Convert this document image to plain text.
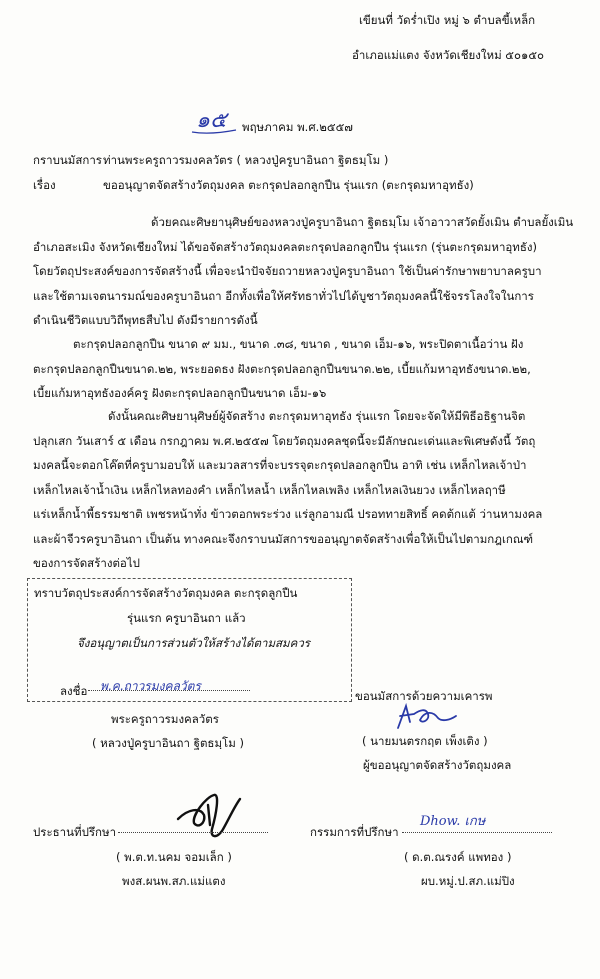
เขียนที่ วัดร่ำเปิง หมู่ ๖ ตำบลขี้เหล็ก
อำเภอแม่แตง จังหวัดเชียงใหม่ ๕๐๑๕๐
๑๕ พฤษภาคม พ.ศ.๒๕๕๗
กราบนมัสการ ท่านพระครูถาวรมงคลวัตร ( หลวงปู่ครูบาอินถา ฐิตธมฺโม )
เรื่อง	ขออนุญาตจัดสร้างวัตถุมงคล ตะกรุดปลอกลูกปืน รุ่นแรก (ตะกรุดมหาอุทธัง)
ด้วยคณะศิษยานุศิษย์ของหลวงปู่ครูบาอินถา ฐิตธมฺโม เจ้าอาวาสวัดยั้งเมิน ตำบลยั้งเมิน
อำเภอสะเมิง จังหวัดเชียงใหม่ ได้ขอจัดสร้างวัตถุมงคลตะกรุดปลอกลูกปืน รุ่นแรก (รุ่นตะกรุดมหาอุทธัง)
โดยวัตถุประสงค์ของการจัดสร้างนี้ เพื่อจะนำปัจจัยถวายหลวงปู่ครูบาอินถา ใช้เป็นค่ารักษาพยาบาลครูบา
และใช้ตามเจตนารมณ์ของครูบาอินถา อีกทั้งเพื่อให้ศรัทธาทั่วไปได้บูชาวัตถุมงคลนี้ใช้จรรโลงใจในการ
ดำเนินชีวิตแบบวิถีพุทธสืบไป ดังมีรายการดังนี้
ตะกรุดปลอกลูกปืน ขนาด ๙ มม., ขนาด .๓๘, ขนาด , ขนาด เอ็ม-๑๖, พระปิดตาเนื้อว่าน ฝัง
ตะกรุดปลอกลูกปืนขนาด.๒๒, พระยอดธง ฝังตะกรุดปลอกลูกปืนขนาด.๒๒, เบี้ยแก้มหาอุทธังขนาด.๒๒,
เบี้ยแก้มหาอุทธังองค์ครู ฝังตะกรุดปลอกลูกปืนขนาด เอ็ม-๑๖
ดังนั้นคณะศิษยานุศิษย์ผู้จัดสร้าง ตะกรุดมหาอุทธัง รุ่นแรก โดยจะจัดให้มีพิธีอธิฐานจิต
ปลุกเสก วันเสาร์ ๕ เดือน กรกฎาคม พ.ศ.๒๕๕๗ โดยวัตถุมงคลชุดนี้จะมีลักษณะเด่นและพิเศษดังนี้ วัตถุ
มงคลนี้จะตอกโค๊ตที่ครูบามอบให้ และมวลสารที่จะบรรจุตะกรุดปลอกลูกปืน อาทิ เช่น เหล็กไหลเจ้าป่า
เหล็กไหลเจ้าน้ำเงิน เหล็กไหลทองคำ เหล็กไหลน้ำ เหล็กไหลเพลิง เหล็กไหลเงินยวง เหล็กไหลฤาษี
แร่เหล็กน้ำพี้ธรรมชาติ เพชรหน้าทั่ง ข้าวตอกพระร่วง แร่ลูกอามณี ปรอททายสิทธิ์ คดต้กแต้ ว่านหามงคล
และผ้าจีวรครูบาอินถา เป็นต้น ทางคณะจึงกราบนมัสการขออนุญาตจัดสร้างเพื่อให้เป็นไปตามกฎเกณฑ์
ของการจัดสร้างต่อไป
ทราบวัตถุประสงค์การจัดสร้างวัตถุมงคล ตะกรุดลูกปืน
รุ่นแรก ครูบาอินถา แล้ว
จึงอนุญาตเป็นการส่วนตัวให้สร้างได้ตามสมควร
ลงชื่อ พ.ค.ถาวรมงคลวัตร
พระครูถาวรมงคลวัตร
( หลวงปู่ครูบาอินถา ฐิตธมฺโม )
ขอนมัสการด้วยความเคารพ
( นายมนตรกฤต เพ็งเติง )
ผู้ขออนุญาตจัดสร้างวัตถุมงคล
ประธานที่ปรึกษา
( พ.ต.ท.นคม จอมเล็ก )
พงส.ผนพ.สภ.แม่แตง
กรรมการที่ปรึกษา
Dhow. เกษ
( ด.ต.ณรงค์ แพทอง )
ผบ.หมู่.ป.สภ.แม่ปิง
